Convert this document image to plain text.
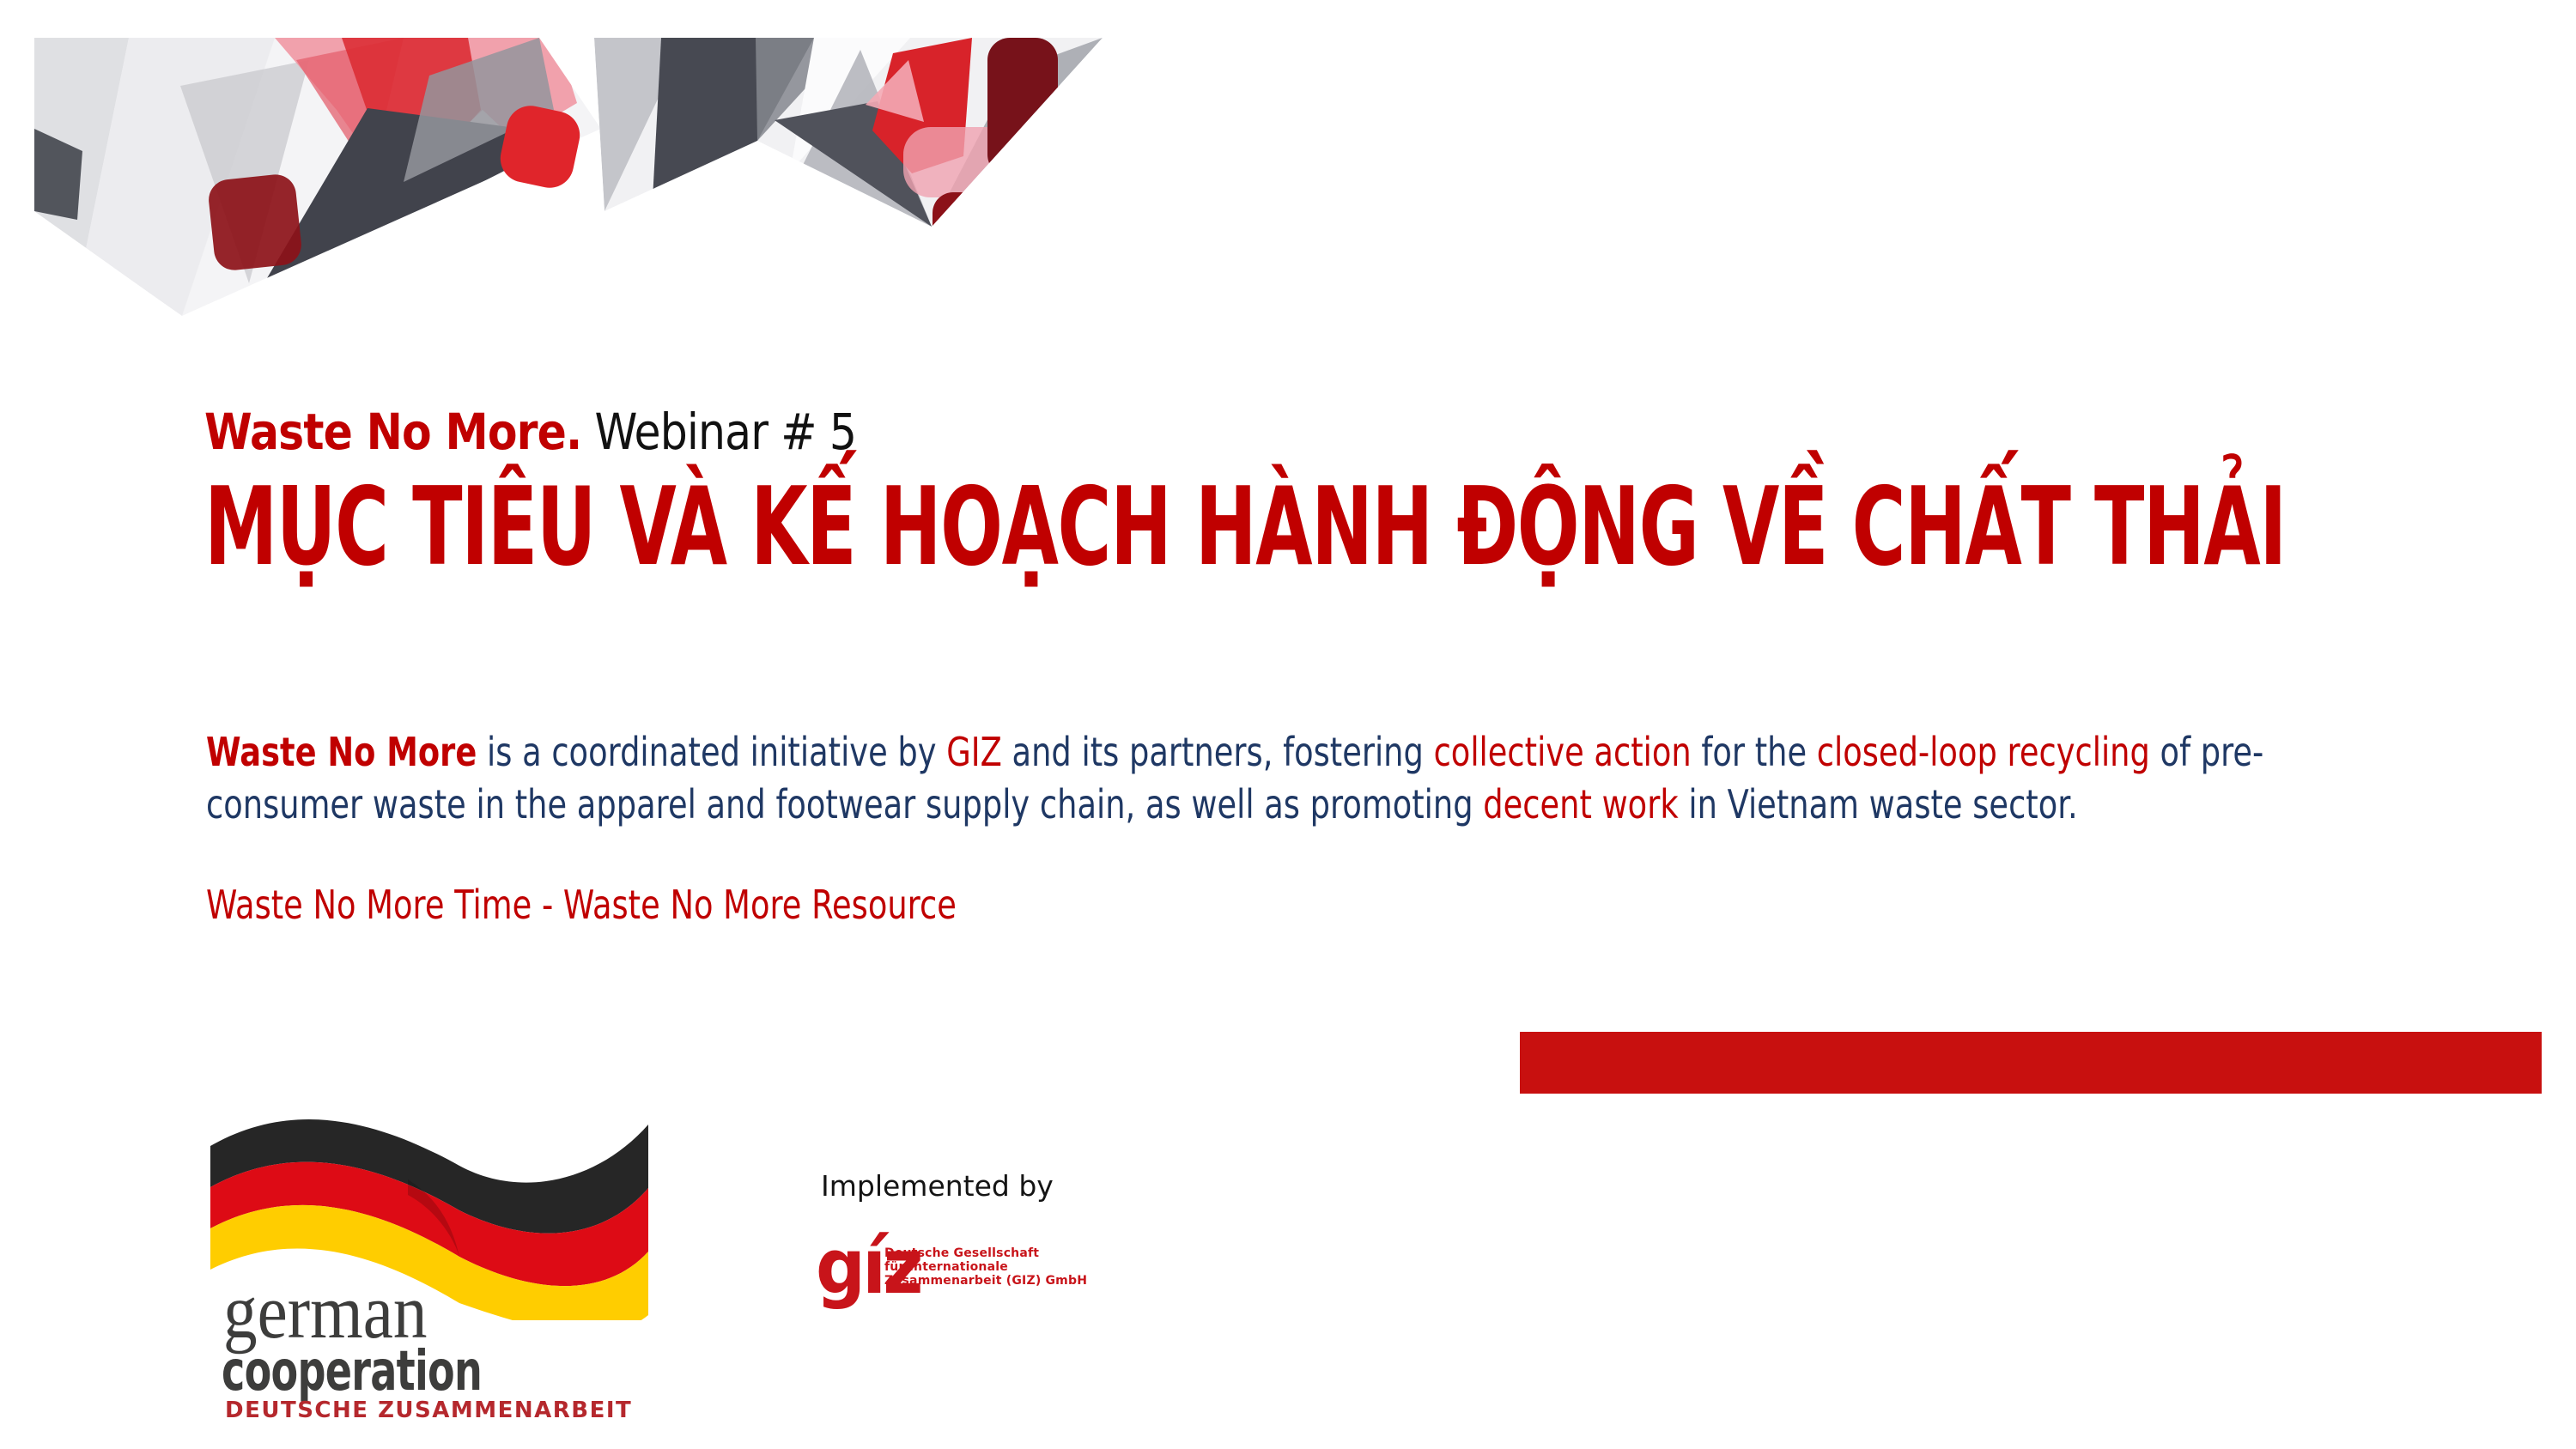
Waste No More. Webinar # 5
MỤC TIÊU VÀ KẾ HOẠCH HÀNH ĐỘNG VỀ CHẤT THẢI
Waste No More is a coordinated initiative by GIZ and its partners, fostering collective action for the closed-loop recycling of pre-
consumer waste in the apparel and footwear supply chain, as well as promoting decent work in Vietnam waste sector.
Waste No More Time - Waste No More Resource
german
cooperation
DEUTSCHE ZUSAMMENARBEIT
Implemented by
gíz
Deutsche Gesellschaft
für Internationale
Zusammenarbeit (GIZ) GmbH
